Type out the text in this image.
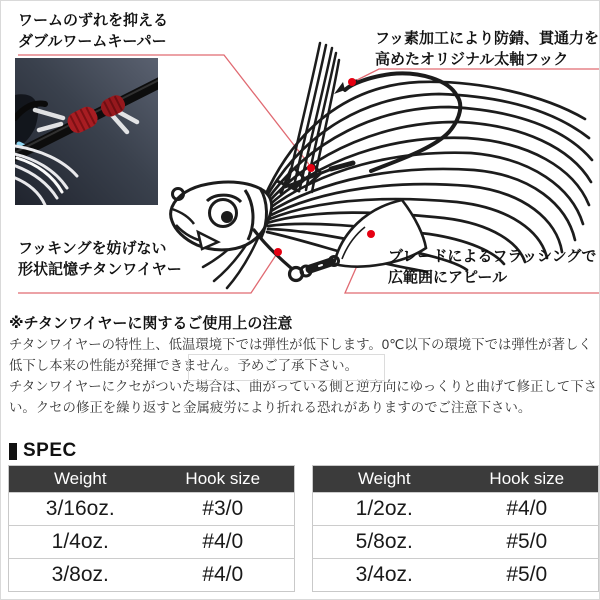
ワームのずれを抑える
ダブルワームキーパー	フッ素加工により防錆、貫通力を
高めたオリジナル太軸フック
フッキングを妨げない
形状記憶チタンワイヤー
ブレードによるフラッシングで
広範囲にアピール
※チタンワイヤーに関するご使用上の注意
チタンワイヤーの特性上、低温環境下では弾性が低下します。0℃以下の環境下では弾性が著しく
低下し本来の性能が発揮できません。予めご了承下さい。
チタンワイヤーにクセがついた場合は、曲がっている側と逆方向にゆっくりと曲げて修正して下さ
い。クセの修正を繰り返すと金属疲労により折れる恐れがありますのでご注意下さい。
SPEC
Weight	Hook size
3/16oz.	#3/0
1/4oz.	#4/0
3/8oz.	#4/0
Weight	Hook size
1/2oz.	#4/0
5/8oz.	#5/0
3/4oz.	#5/0
